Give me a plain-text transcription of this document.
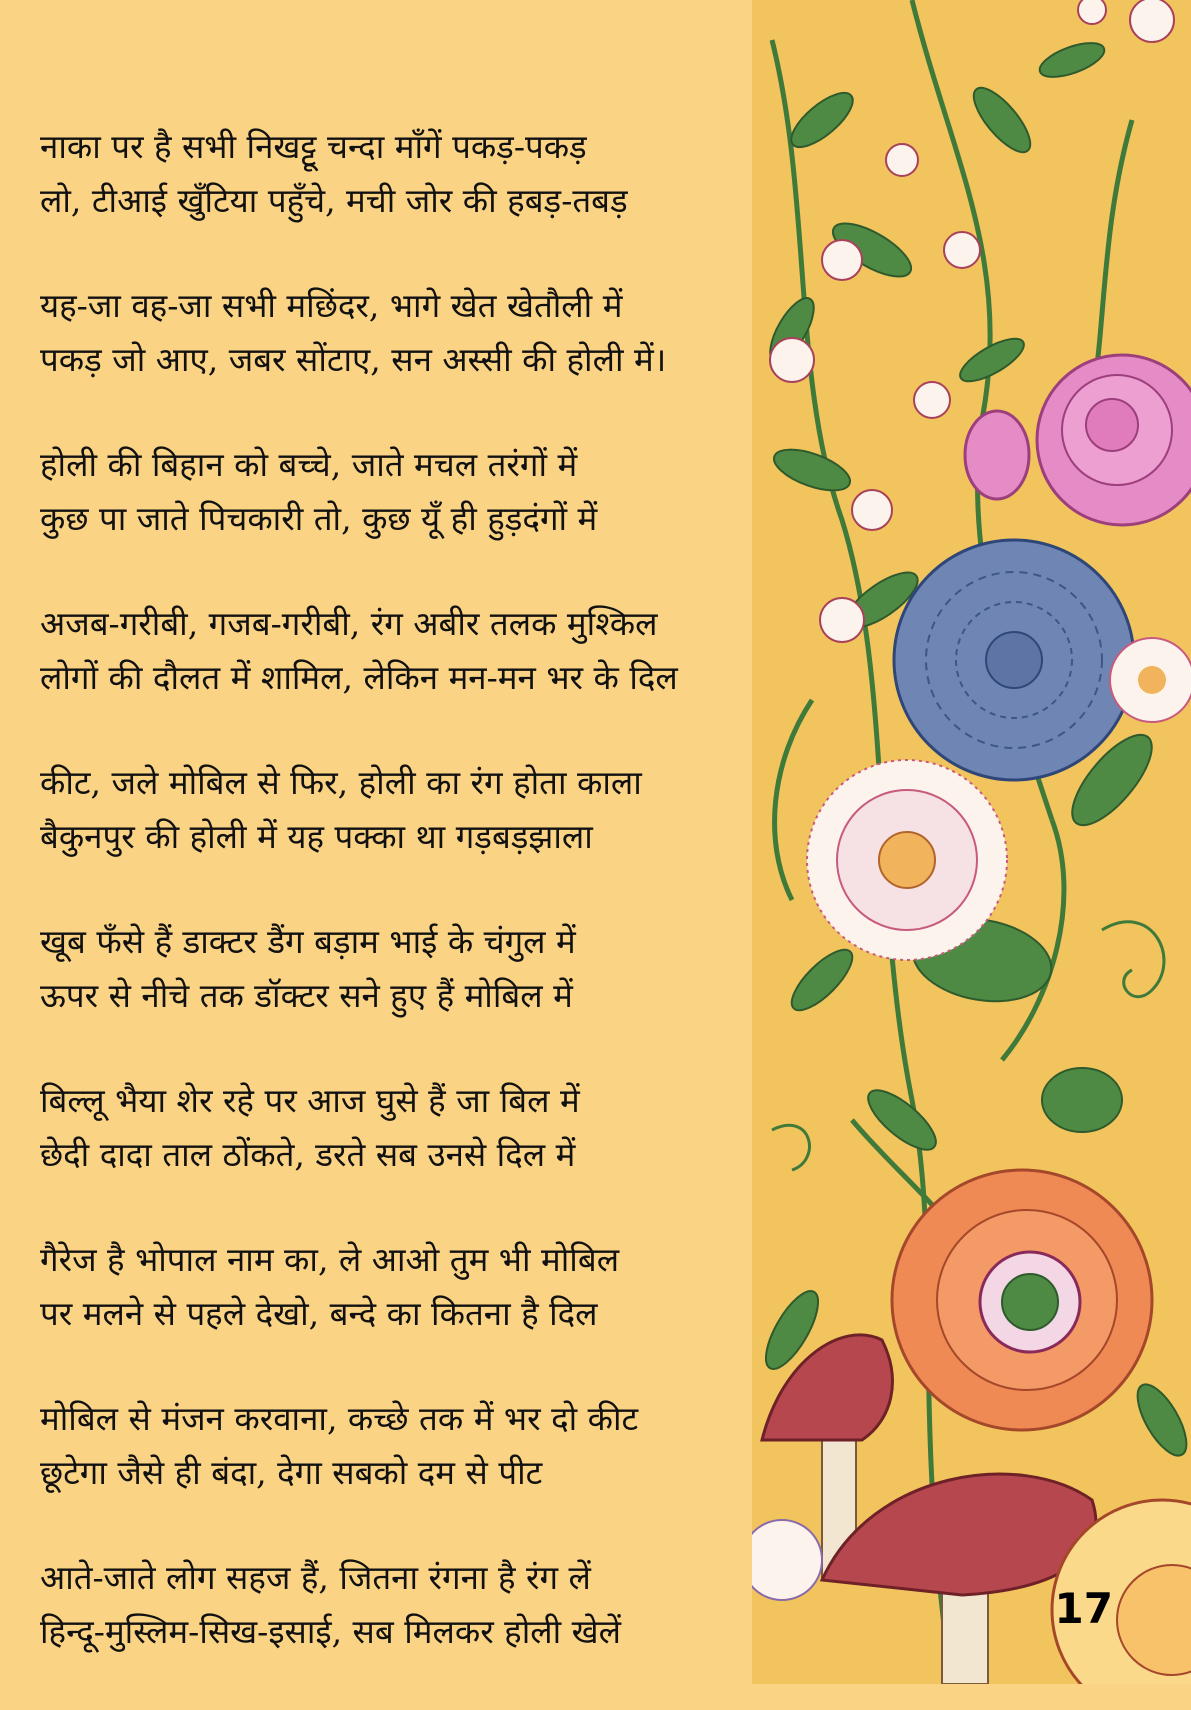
नाका पर है सभी निखट्टू चन्दा माँगें पकड़-पकड़
लो, टीआई खुँटिया पहुँचे, मची जोर की हबड़-तबड़
यह-जा वह-जा सभी मछिंदर, भागे खेत खेतौली में
पकड़ जो आए, जबर सोंटाए, सन अस्सी की होली में।
होली की बिहान को बच्चे, जाते मचल तरंगों में
कुछ पा जाते पिचकारी तो, कुछ यूँ ही हुड़दंगों में
अजब-गरीबी, गजब-गरीबी, रंग अबीर तलक मुश्किल
लोगों की दौलत में शामिल, लेकिन मन-मन भर के दिल
कीट, जले मोबिल से फिर, होली का रंग होता काला
बैकुनपुर की होली में यह पक्का था गड़बड़झाला
खूब फँसे हैं डाक्टर डैंग बड़ाम भाई के चंगुल में
ऊपर से नीचे तक डॉक्टर सने हुए हैं मोबिल में
बिल्लू भैया शेर रहे पर आज घुसे हैं जा बिल में
छेदी दादा ताल ठोंकते, डरते सब उनसे दिल में
गैरेज है भोपाल नाम का, ले आओ तुम भी मोबिल
पर मलने से पहले देखो, बन्दे का कितना है दिल
मोबिल से मंजन करवाना, कच्छे तक में भर दो कीट
छूटेगा जैसे ही बंदा, देगा सबको दम से पीट
आते-जाते लोग सहज हैं, जितना रंगना है रंग लें
हिन्दू-मुस्लिम-सिख-इसाई, सब मिलकर होली खेलें	17
